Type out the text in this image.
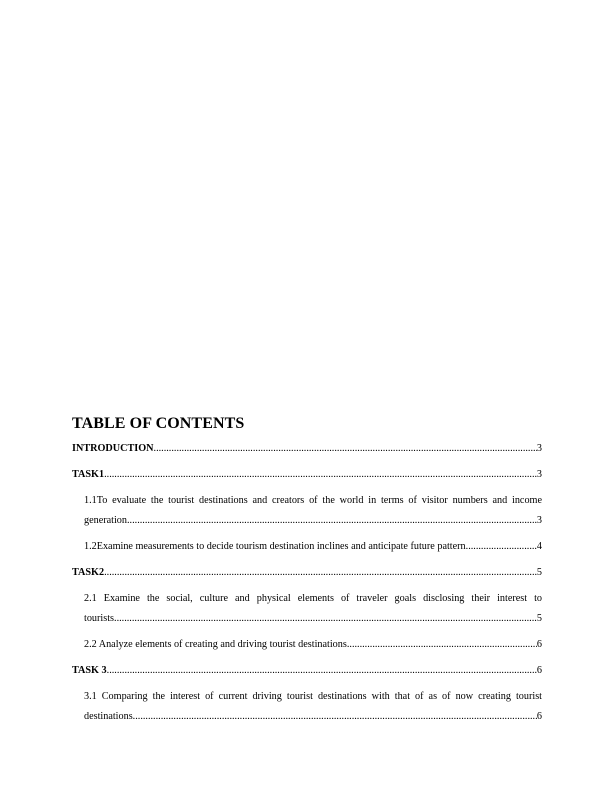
TABLE OF CONTENTS
INTRODUCTION .....	3
TASK1 .....	3
1.1To evaluate the tourist destinations and creators of the world in terms of visitor numbers and income
generation .....	3
1.2Examine measurements to decide tourism destination inclines and anticipate future pattern .....	4
TASK2 .....	5
2.1 Examine the social, culture and physical elements of traveler goals disclosing their interest to
tourists .....	5
2.2 Analyze elements of creating and driving tourist destinations .....	6
TASK 3 .....	6
3.1 Comparing the interest of current driving tourist destinations with that of as of now creating tourist
destinations .....	6
